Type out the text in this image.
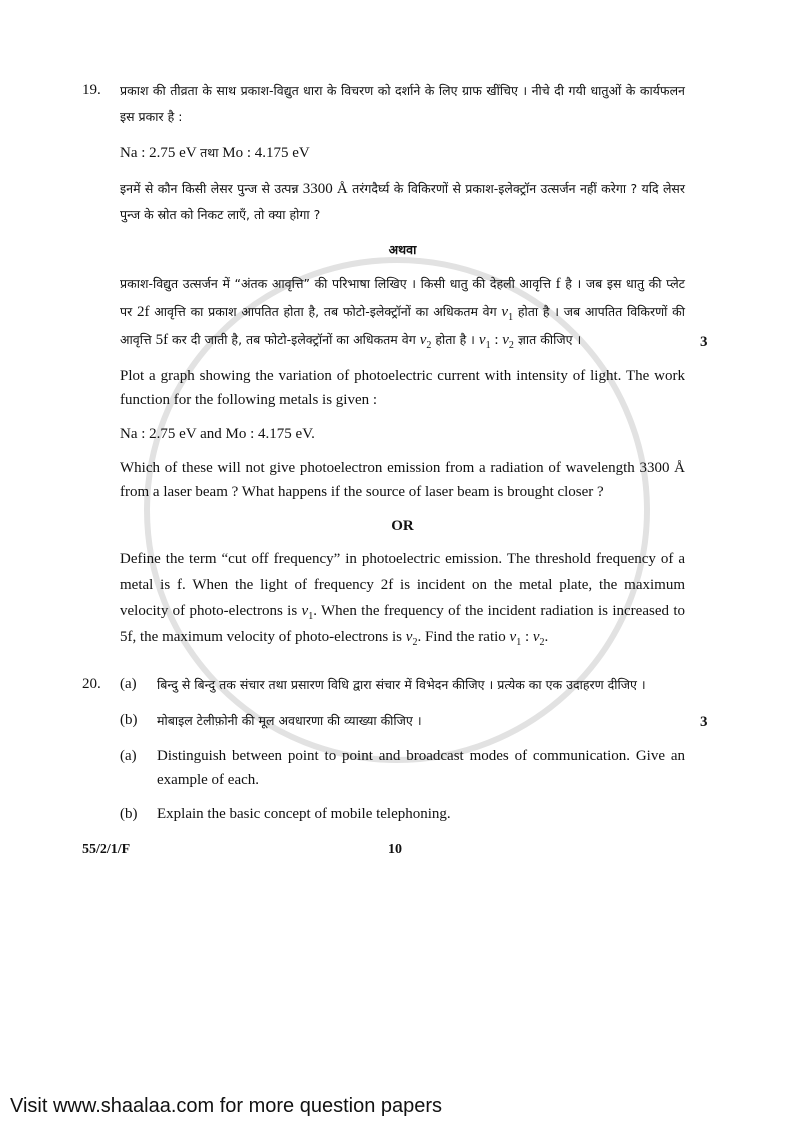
19.	प्रकाश की तीव्रता के साथ प्रकाश-विद्युत धारा के विचरण को दर्शाने के लिए ग्राफ खींचिए । नीचे दी गयी धातुओं के कार्यफलन इस प्रकार है :
Na : 2.75 eV तथा Mo : 4.175 eV
इनमें से कौन किसी लेसर पुन्ज से उत्पन्न 3300 Å तरंगदैर्घ्य के विकिरणों से प्रकाश-इलेक्ट्रॉन उत्सर्जन नहीं करेगा ? यदि लेसर पुन्ज के स्रोत को निकट लाएँ, तो क्या होगा ?
अथवा
प्रकाश-विद्युत उत्सर्जन में “अंतक आवृत्ति” की परिभाषा लिखिए । किसी धातु की देहली आवृत्ति f है । जब इस धातु की प्लेट पर 2f आवृत्ति का प्रकाश आपतित होता है, तब फोटो-इलेक्ट्रॉनों का अधिकतम वेग $v_1$ होता है । जब आपतित विकिरणों की आवृत्ति 5f कर दी जाती है, तब फोटो-इलेक्ट्रॉनों का अधिकतम वेग $v_2$ होता है । $v_1$ : $v_2$ ज्ञात कीजिए ।	3
Plot a graph showing the variation of photoelectric current with intensity of light. The work function for the following metals is given :
Na : 2.75 eV and Mo : 4.175 eV.
Which of these will not give photoelectron emission from a radiation of wavelength 3300 Å from a laser beam ? What happens if the source of laser beam is brought closer ?
OR
Define the term “cut off frequency” in photoelectric emission. The threshold frequency of a metal is f. When the light of frequency 2f is incident on the metal plate, the maximum velocity of photo-electrons is $v_1$. When the frequency of the incident radiation is increased to 5f, the maximum velocity of photo-electrons is $v_2$. Find the ratio $v_1$ : $v_2$.
20.	(a)	बिन्दु से बिन्दु तक संचार तथा प्रसारण विधि द्वारा संचार में विभेदन कीजिए । प्रत्येक का एक उदाहरण दीजिए ।
(b)	मोबाइल टेलीफ़ोनी की मूल अवधारणा की व्याख्या कीजिए ।	3
(a)	Distinguish between point to point and broadcast modes of communication. Give an example of each.
(b)	Explain the basic concept of mobile telephoning.
55/2/1/F	10
Visit www.shaalaa.com for more question papers
